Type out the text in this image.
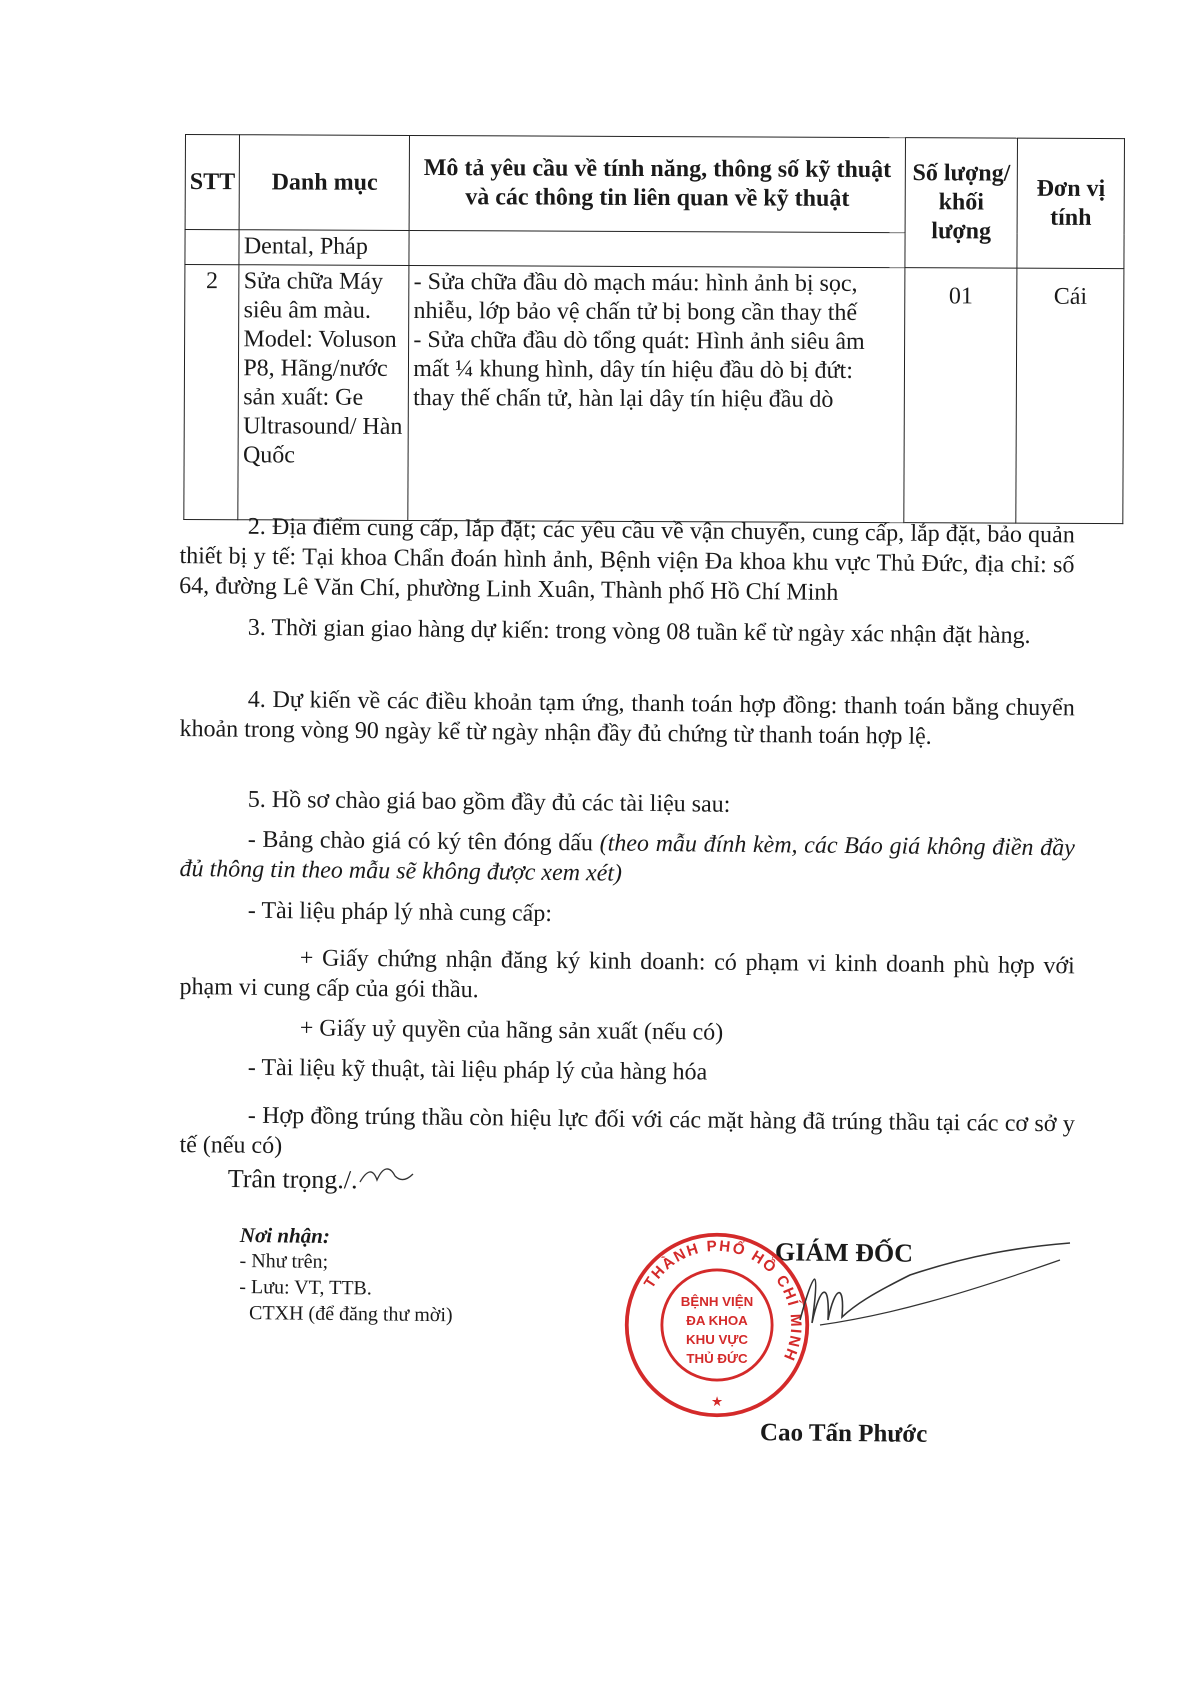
STT	Danh mục	Mô tả yêu cầu về tính năng, thông số kỹ thuật và các thông tin liên quan về kỹ thuật	Số lượng/ khối lượng	Đơn vị tính
	Dental, Pháp			
2	Sửa chữa Máy siêu âm màu. Model: Voluson P8, Hãng/nước sản xuất: Ge Ultrasound/ Hàn Quốc	- Sửa chữa đầu dò mạch máu: hình ảnh bị sọc, nhiễu, lớp bảo vệ chấn tử bị bong cần thay thế
- Sửa chữa đầu dò tổng quát: Hình ảnh siêu âm mất ¼ khung hình, dây tín hiệu đầu dò bị đứt: thay thế chấn tử, hàn lại dây tín hiệu đầu dò	01	Cái
2. Địa điểm cung cấp, lắp đặt; các yêu cầu về vận chuyển, cung cấp, lắp đặt, bảo quản thiết bị y tế: Tại khoa Chẩn đoán hình ảnh, Bệnh viện Đa khoa khu vực Thủ Đức, địa chỉ: số 64, đường Lê Văn Chí, phường Linh Xuân, Thành phố Hồ Chí Minh
3. Thời gian giao hàng dự kiến: trong vòng 08 tuần kể từ ngày xác nhận đặt hàng.
4. Dự kiến về các điều khoản tạm ứng, thanh toán hợp đồng: thanh toán bằng chuyển khoản trong vòng 90 ngày kể từ ngày nhận đầy đủ chứng từ thanh toán hợp lệ.
5. Hồ sơ chào giá bao gồm đầy đủ các tài liệu sau:
- Bảng chào giá có ký tên đóng dấu (theo mẫu đính kèm, các Báo giá không điền đầy đủ thông tin theo mẫu sẽ không được xem xét)
- Tài liệu pháp lý nhà cung cấp:
+ Giấy chứng nhận đăng ký kinh doanh: có phạm vi kinh doanh phù hợp với phạm vi cung cấp của gói thầu.
+ Giấy uỷ quyền của hãng sản xuất (nếu có)
- Tài liệu kỹ thuật, tài liệu pháp lý của hàng hóa
- Hợp đồng trúng thầu còn hiệu lực đối với các mặt hàng đã trúng thầu tại các cơ sở y tế (nếu có)
Trân trọng./.
Nơi nhận:
- Như trên;
- Lưu: VT, TTB.
CTXH (để đăng thư mời)
GIÁM ĐỐC
THÀNH PHỐ HỒ CHÍ MINH
BỆNH VIỆN
ĐA KHOA
KHU VỰC
THỦ ĐỨC
★
Cao Tấn Phước
